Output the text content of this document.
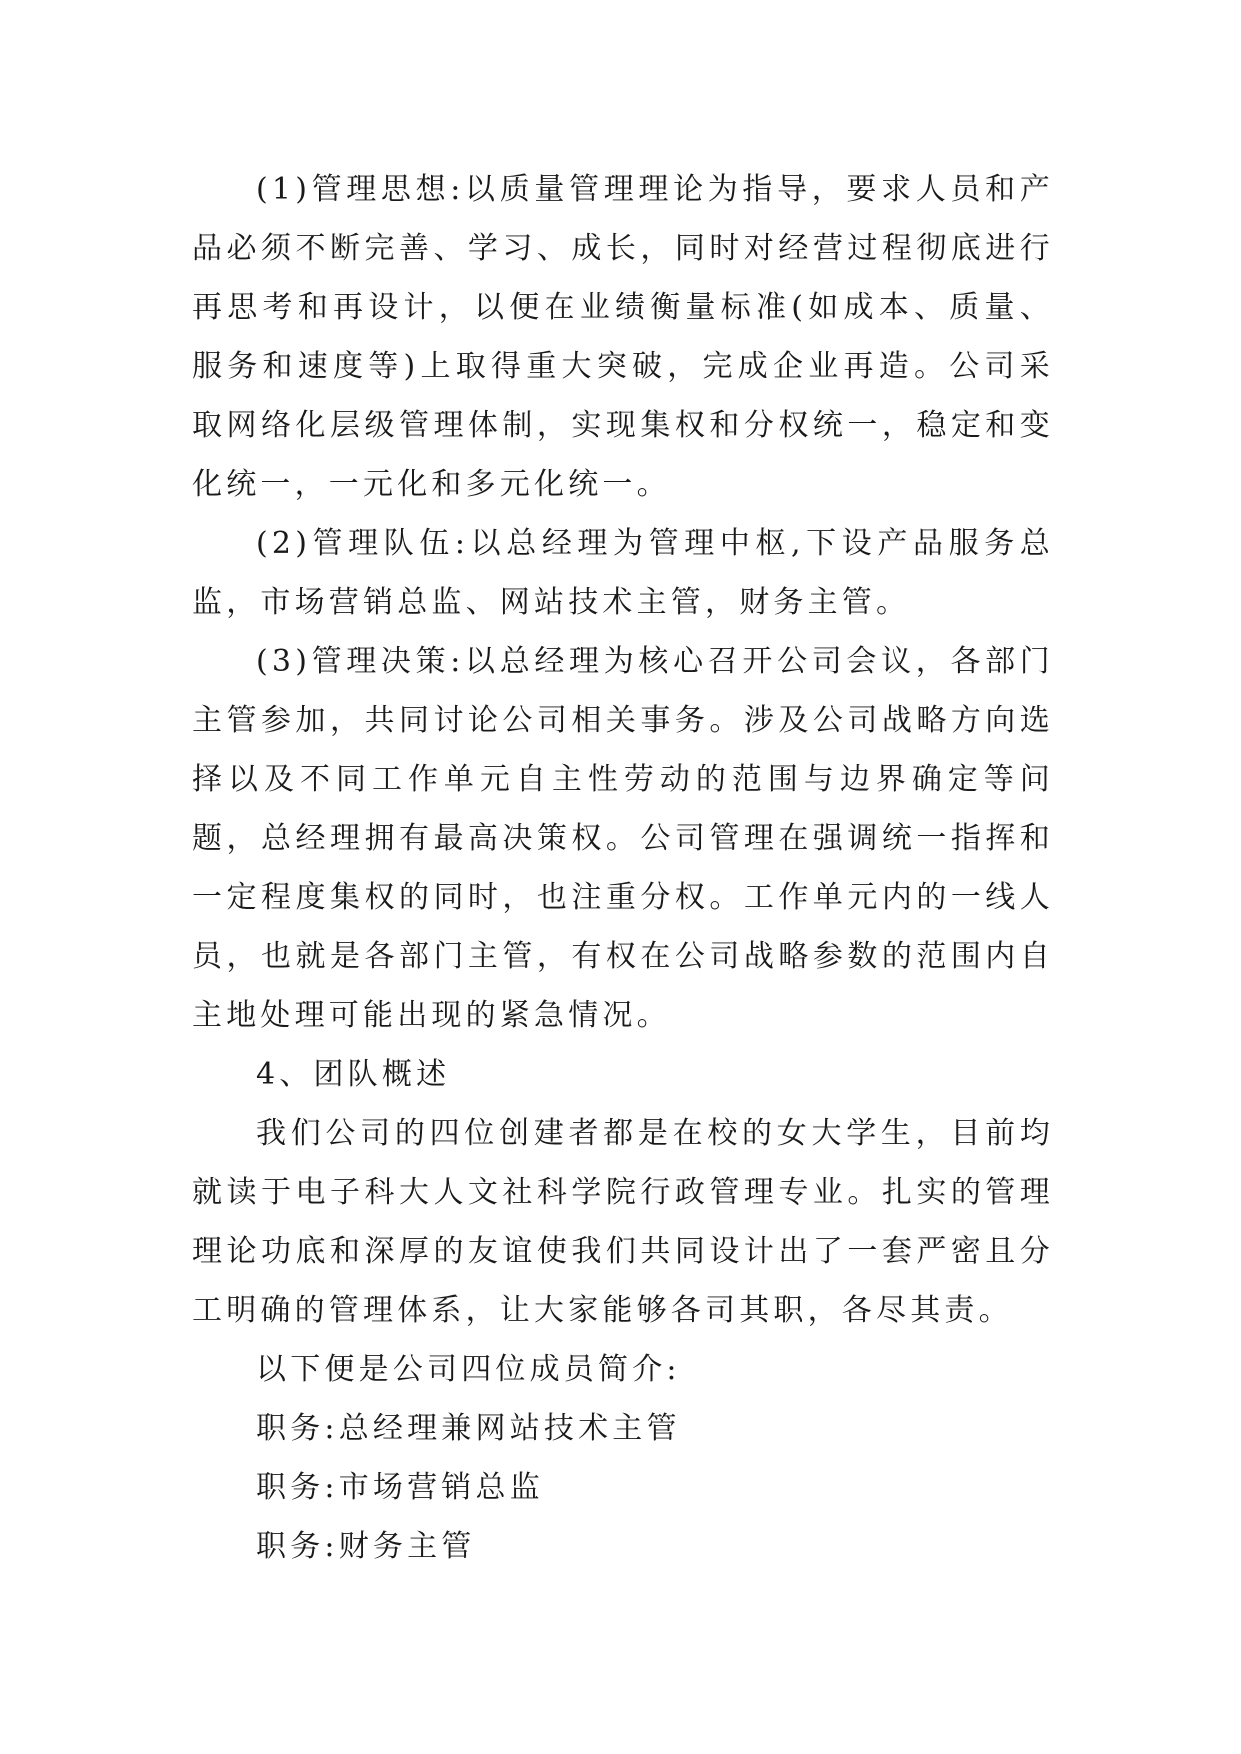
(1)管理思想:以质量管理理论为指导，要求人员和产品必须不断完善、学习、成长，同时对经营过程彻底进行再思考和再设计，以便在业绩衡量标准(如成本、质量、服务和速度等)上取得重大突破，完成企业再造。公司采取网络化层级管理体制，实现集权和分权统一，稳定和变化统一，一元化和多元化统一。

(2)管理队伍:以总经理为管理中枢,下设产品服务总监，市场营销总监、网站技术主管，财务主管。

(3)管理决策:以总经理为核心召开公司会议，各部门主管参加，共同讨论公司相关事务。涉及公司战略方向选择以及不同工作单元自主性劳动的范围与边界确定等问题，总经理拥有最高决策权。公司管理在强调统一指挥和一定程度集权的同时，也注重分权。工作单元内的一线人员，也就是各部门主管，有权在公司战略参数的范围内自主地处理可能出现的紧急情况。

4、团队概述

我们公司的四位创建者都是在校的女大学生，目前均就读于电子科大人文社科学院行政管理专业。扎实的管理理论功底和深厚的友谊使我们共同设计出了一套严密且分工明确的管理体系，让大家能够各司其职，各尽其责。

以下便是公司四位成员简介:

职务:总经理兼网站技术主管

职务:市场营销总监

职务:财务主管
